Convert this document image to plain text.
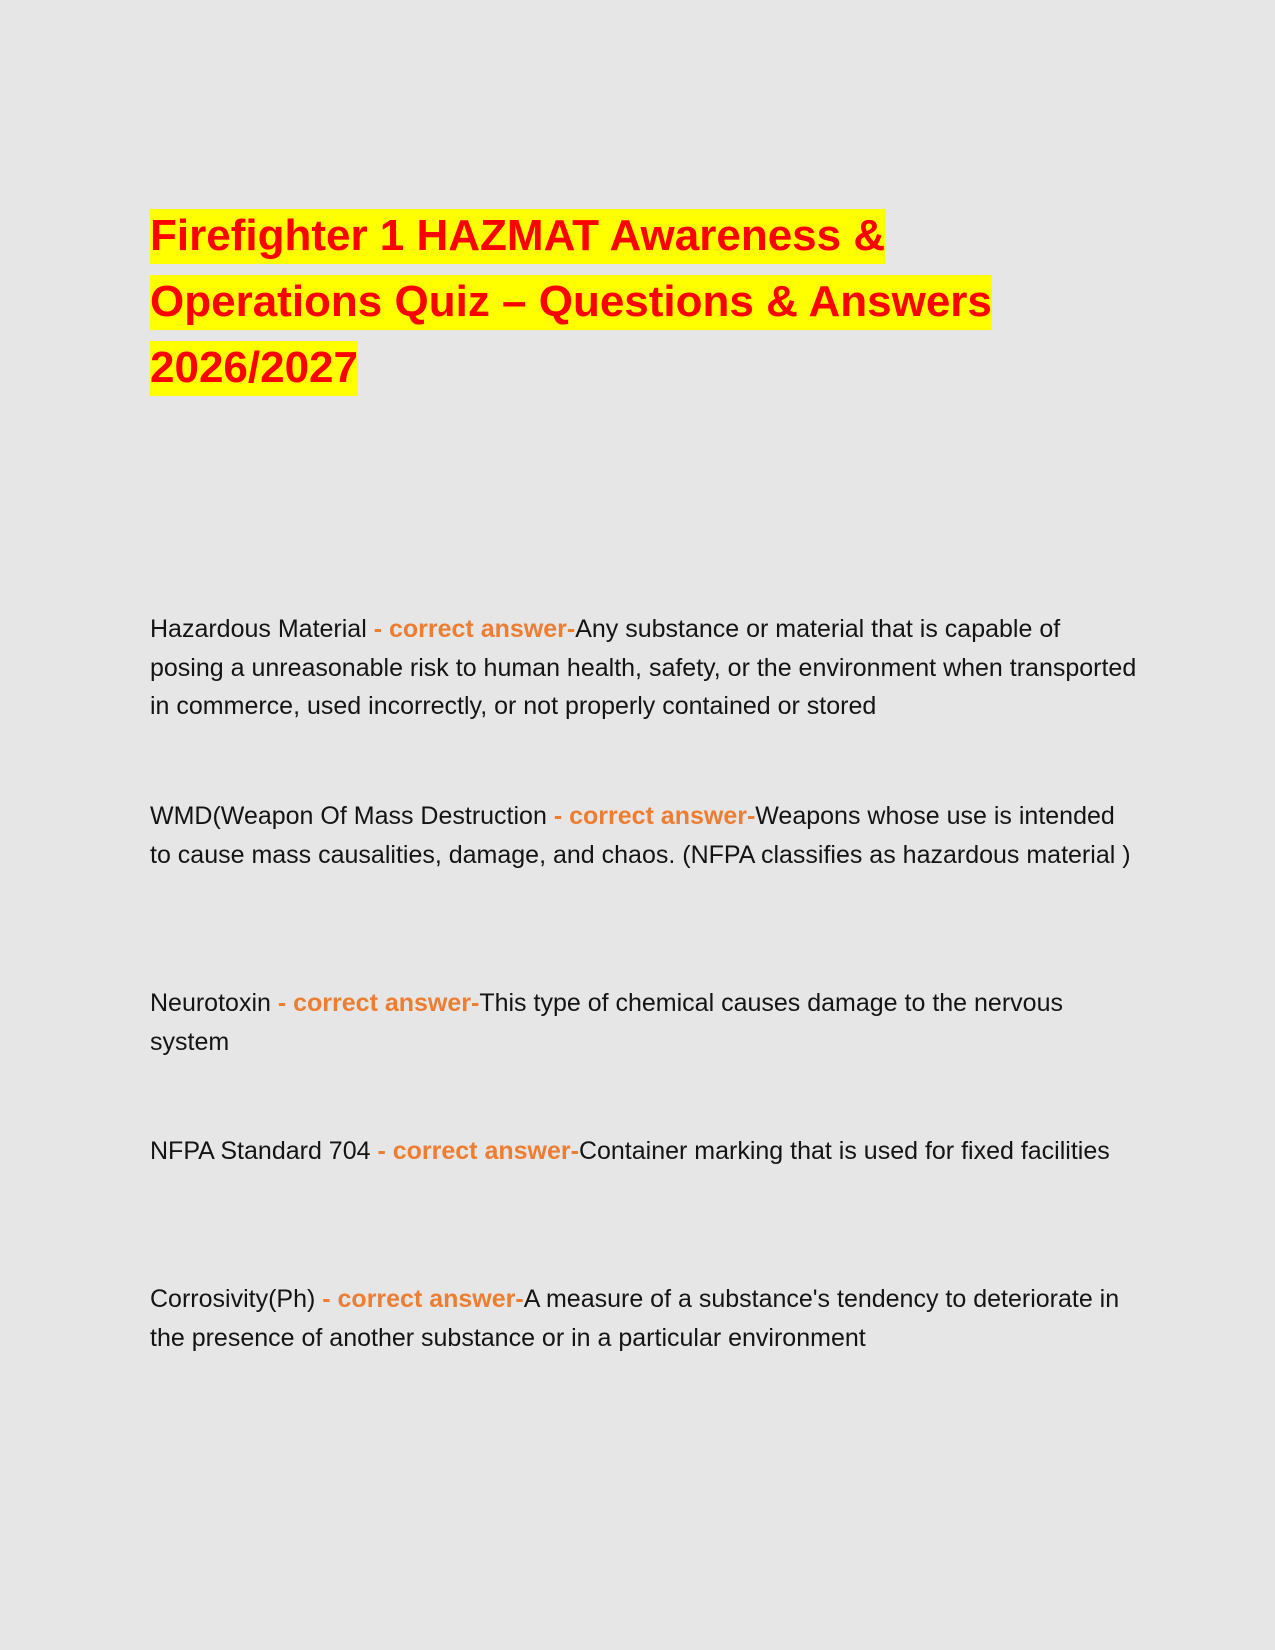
Firefighter 1 HAZMAT Awareness &
Operations Quiz – Questions & Answers
2026/2027

Hazardous Material - correct answer-Any substance or material that is capable of posing a unreasonable risk to human health, safety, or the environment when transported in commerce, used incorrectly, or not properly contained or stored

WMD(Weapon Of Mass Destruction - correct answer-Weapons whose use is intended to cause mass causalities, damage, and chaos. (NFPA classifies as hazardous material )

Neurotoxin - correct answer-This type of chemical causes damage to the nervous system

NFPA Standard 704 - correct answer-Container marking that is used for fixed facilities

Corrosivity(Ph) - correct answer-A measure of a substance's tendency to deteriorate in the presence of another substance or in a particular environment
